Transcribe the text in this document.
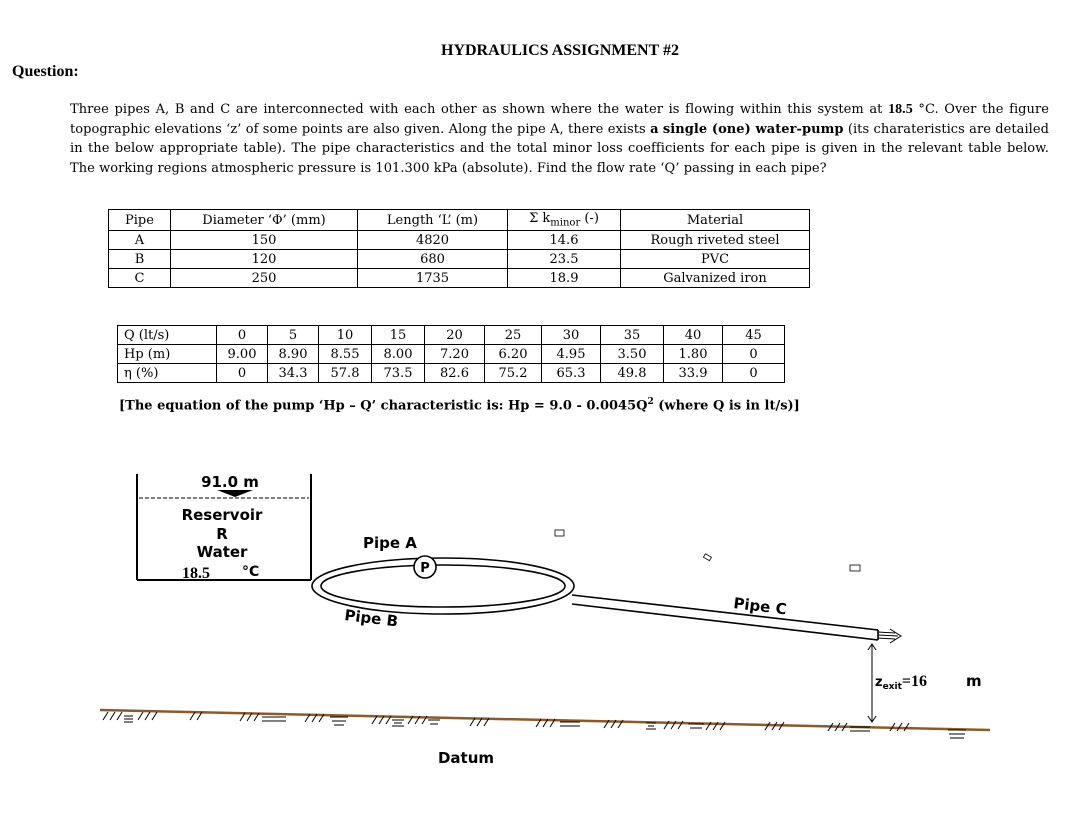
HYDRAULICS ASSIGNMENT #2
Question:
Three pipes A, B and C are interconnected with each other as shown where the water is flowing within this system at 18.5 °C. Over the figure topographic elevations ‘z’ of some points are also given. Along the pipe A, there exists a single (one) water-pump (its charateristics are detailed in the below appropriate table). The pipe characteristics and the total minor loss coefficients for each pipe is given in the relevant table below. The working regions atmospheric pressure is 101.300 kPa (absolute). Find the flow rate ‘Q’ passing in each pipe?
Pipe	Diameter ‘Φ’ (mm)	Length ‘L’ (m)	Σ $k_{minor}$ (-)	Material
A	150	4820	14.6	Rough riveted steel
B	120	680	23.5	PVC
C	250	1735	18.9	Galvanized iron
Q (lt/s)	0	5	10	15	20	25	30	35	40	45
Hp (m)	9.00	8.90	8.55	8.00	7.20	6.20	4.95	3.50	1.80	0
η (%)	0	34.3	57.8	73.5	82.6	75.2	65.3	49.8	33.9	0
[The equation of the pump ‘Hp – Q’ characteristic is: $Hp = 9.0 - 0.0045Q^2$ (where Q is in lt/s)]
91.0 m
Reservoir
R
Water
18.5 °C	P
Pipe A
Pipe B	Pipe C
zexit=16	m
Datum
